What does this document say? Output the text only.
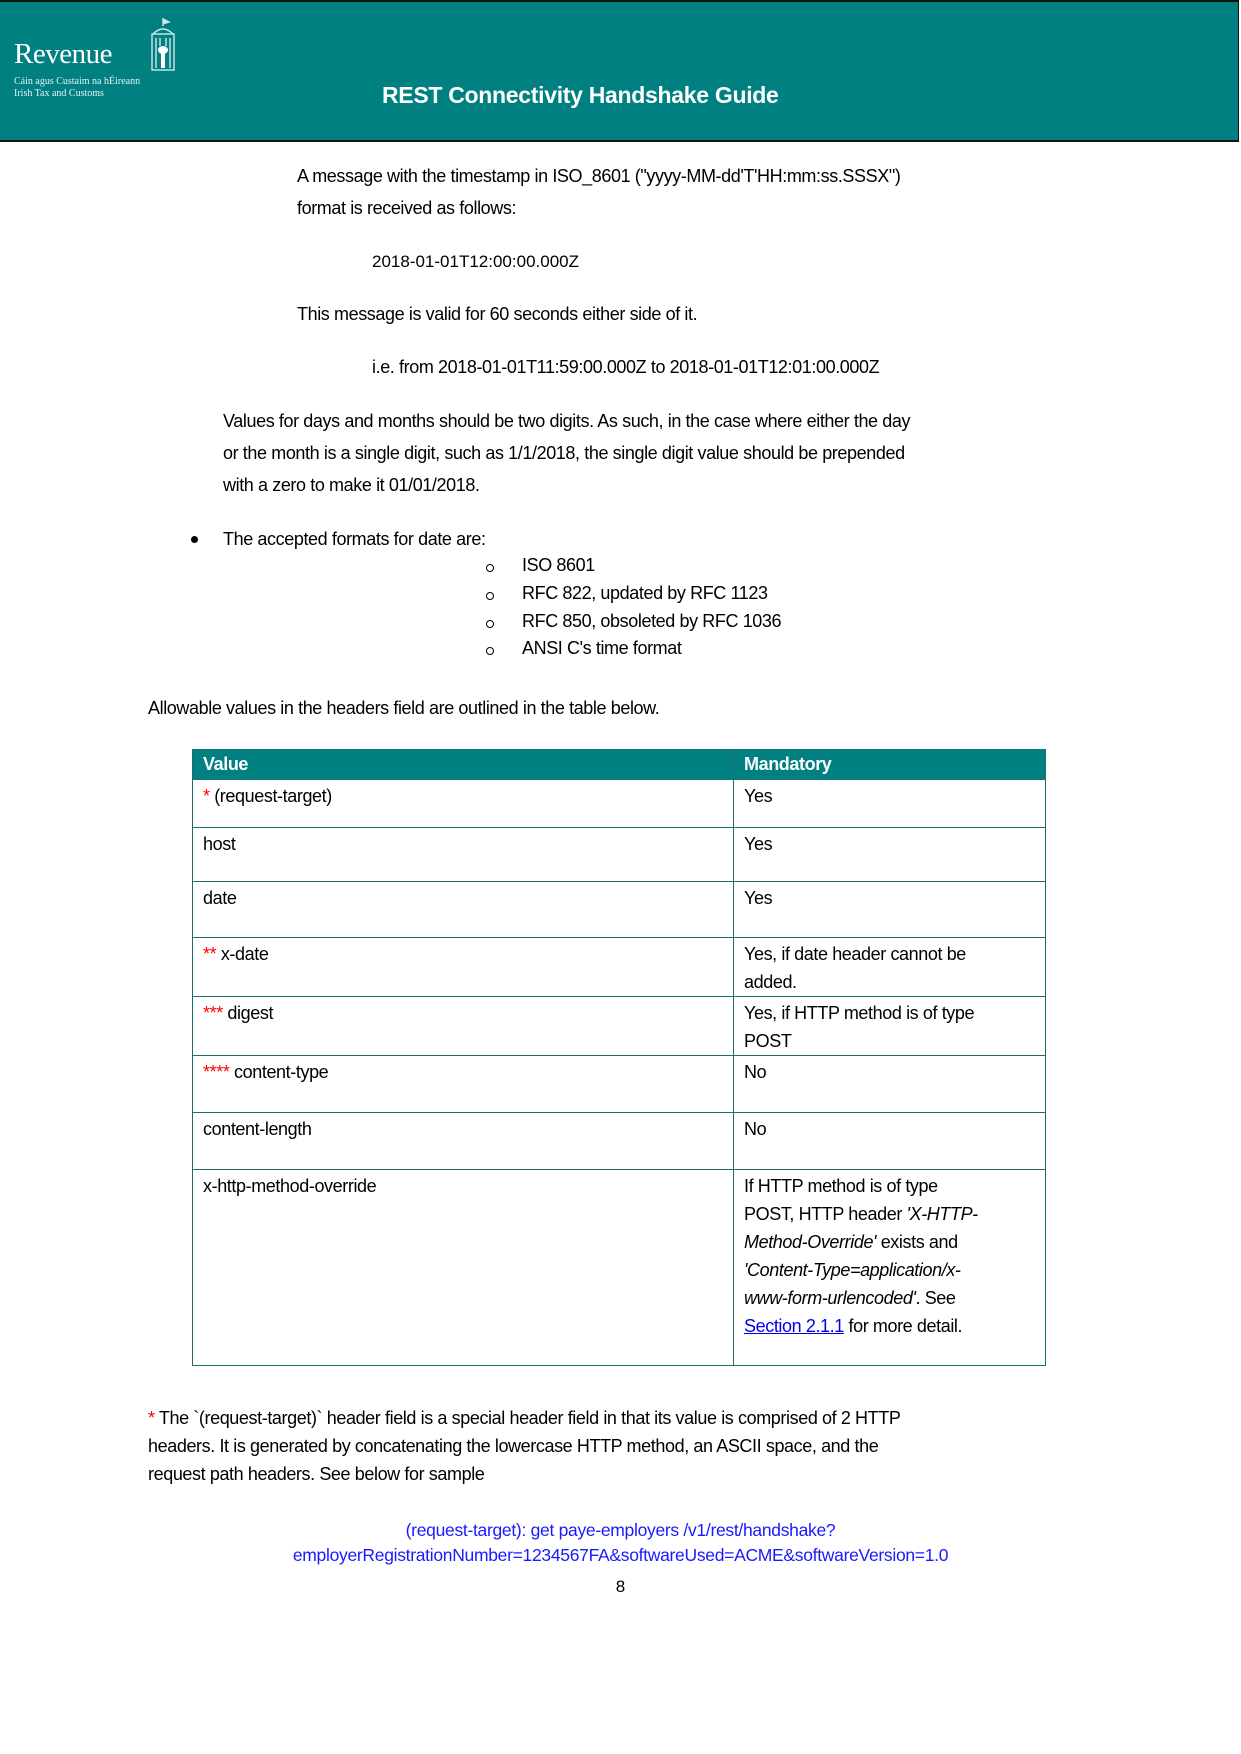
Revenue
Cáin agus Custaim na hÉireann
Irish Tax and Customs	REST Connectivity Handshake Guide
A message with the timestamp in ISO_8601 ("yyyy-MM-dd'T'HH:mm:ss.SSSX")
format is received as follows:
2018-01-01T12:00:00.000Z
This message is valid for 60 seconds either side of it.
i.e. from 2018-01-01T11:59:00.000Z to 2018-01-01T12:01:00.000Z
Values for days and months should be two digits. As such, in the case where either the day
or the month is a single digit, such as 1/1/2018, the single digit value should be prepended
with a zero to make it 01/01/2018.
The accepted formats for date are:
ISO 8601
RFC 822, updated by RFC 1123
RFC 850, obsoleted by RFC 1036
ANSI C's time format
Allowable values in the headers field are outlined in the table below.
Value	Mandatory
* (request-target)	Yes
host	Yes
date	Yes
** x-date	Yes, if date header cannot be
added.
*** digest	Yes, if HTTP method is of type
POST
**** content-type	No
content-length	No
x-http-method-override	If HTTP method is of type
POST, HTTP header 'X-HTTP-
Method-Override' exists and
'Content-Type=application/x-
www-form-urlencoded'. See
Section 2.1.1 for more detail.
* The `(request-target)` header field is a special header field in that its value is comprised of 2 HTTP
headers. It is generated by concatenating the lowercase HTTP method, an ASCII space, and the
request path headers. See below for sample
(request-target): get paye-employers /v1/rest/handshake?
employerRegistrationNumber=1234567FA&softwareUsed=ACME&softwareVersion=1.0
8
